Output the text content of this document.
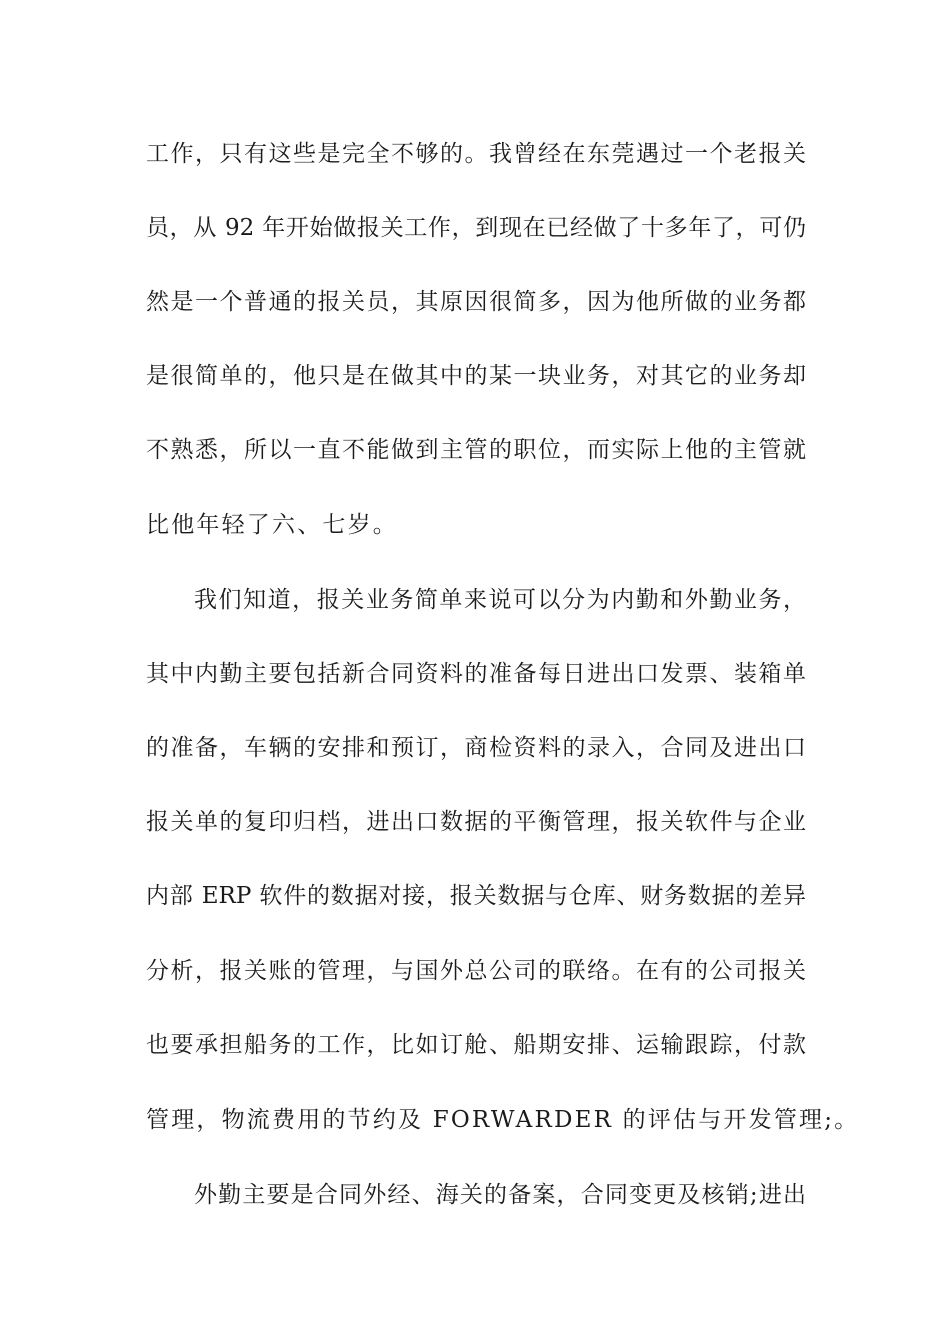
工作，只有这些是完全不够的。我曾经在东莞遇过一个老报关
员，从 92 年开始做报关工作，到现在已经做了十多年了，可仍
然是一个普通的报关员，其原因很简多，因为他所做的业务都
是很简单的，他只是在做其中的某一块业务，对其它的业务却
不熟悉，所以一直不能做到主管的职位，而实际上他的主管就
比他年轻了六、七岁。
我们知道，报关业务简单来说可以分为内勤和外勤业务，
其中内勤主要包括新合同资料的准备每日进出口发票、装箱单
的准备，车辆的安排和预订，商检资料的录入，合同及进出口
报关单的复印归档，进出口数据的平衡管理，报关软件与企业
内部 ERP 软件的数据对接，报关数据与仓库、财务数据的差异
分析，报关账的管理，与国外总公司的联络。在有的公司报关
也要承担船务的工作，比如订舱、船期安排、运输跟踪，付款
管理，物流费用的节约及 FORWARDER 的评估与开发管理;。
外勤主要是合同外经、海关的备案，合同变更及核销;进出
